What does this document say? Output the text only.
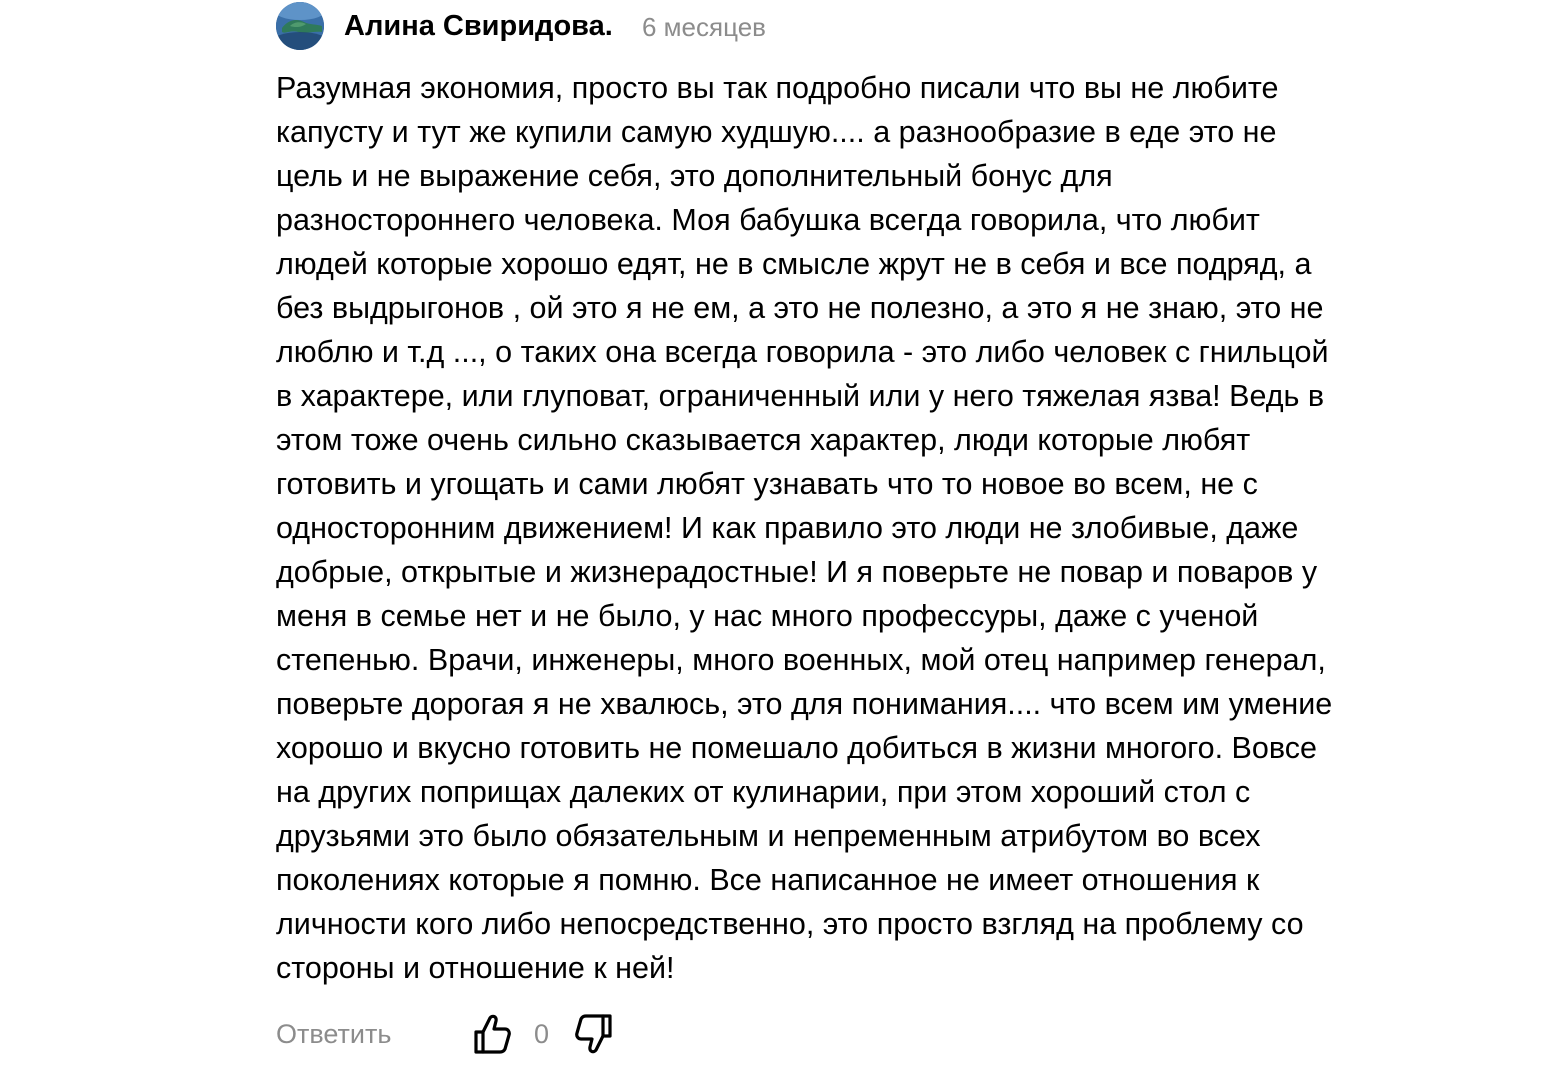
Алина Свиридова. 6 месяцев
Разумная экономия, просто вы так подробно писали что вы не любите
капусту и тут же купили самую худшую.... а разнообразие в еде это не
цель и не выражение себя, это дополнительный бонус для
разностороннего человека. Моя бабушка всегда говорила, что любит
людей которые хорошо едят, не в смысле жрут не в себя и все подряд, а
без выдрыгонов , ой это я не ем, а это не полезно, а это я не знаю, это не
люблю и т.д ..., о таких она всегда говорила - это либо человек с гнильцой
в характере, или глуповат, ограниченный или у него тяжелая язва! Ведь в
этом тоже очень сильно сказывается характер, люди которые любят
готовить и угощать и сами любят узнавать что то новое во всем, не с
односторонним движением! И как правило это люди не злобивые, даже
добрые, открытые и жизнерадостные! И я поверьте не повар и поваров у
меня в семье нет и не было, у нас много профессуры, даже с ученой
степенью. Врачи, инженеры, много военных, мой отец например генерал,
поверьте дорогая я не хвалюсь, это для понимания.... что всем им умение
хорошо и вкусно готовить не помешало добиться в жизни многого. Вовсе
на других поприщах далеких от кулинарии, при этом хороший стол с
друзьями это было обязательным и непременным атрибутом во всех
поколениях которые я помню. Все написанное не имеет отношения к
личности кого либо непосредственно, это просто взгляд на проблему со
стороны и отношение к ней!
Ответить	0
